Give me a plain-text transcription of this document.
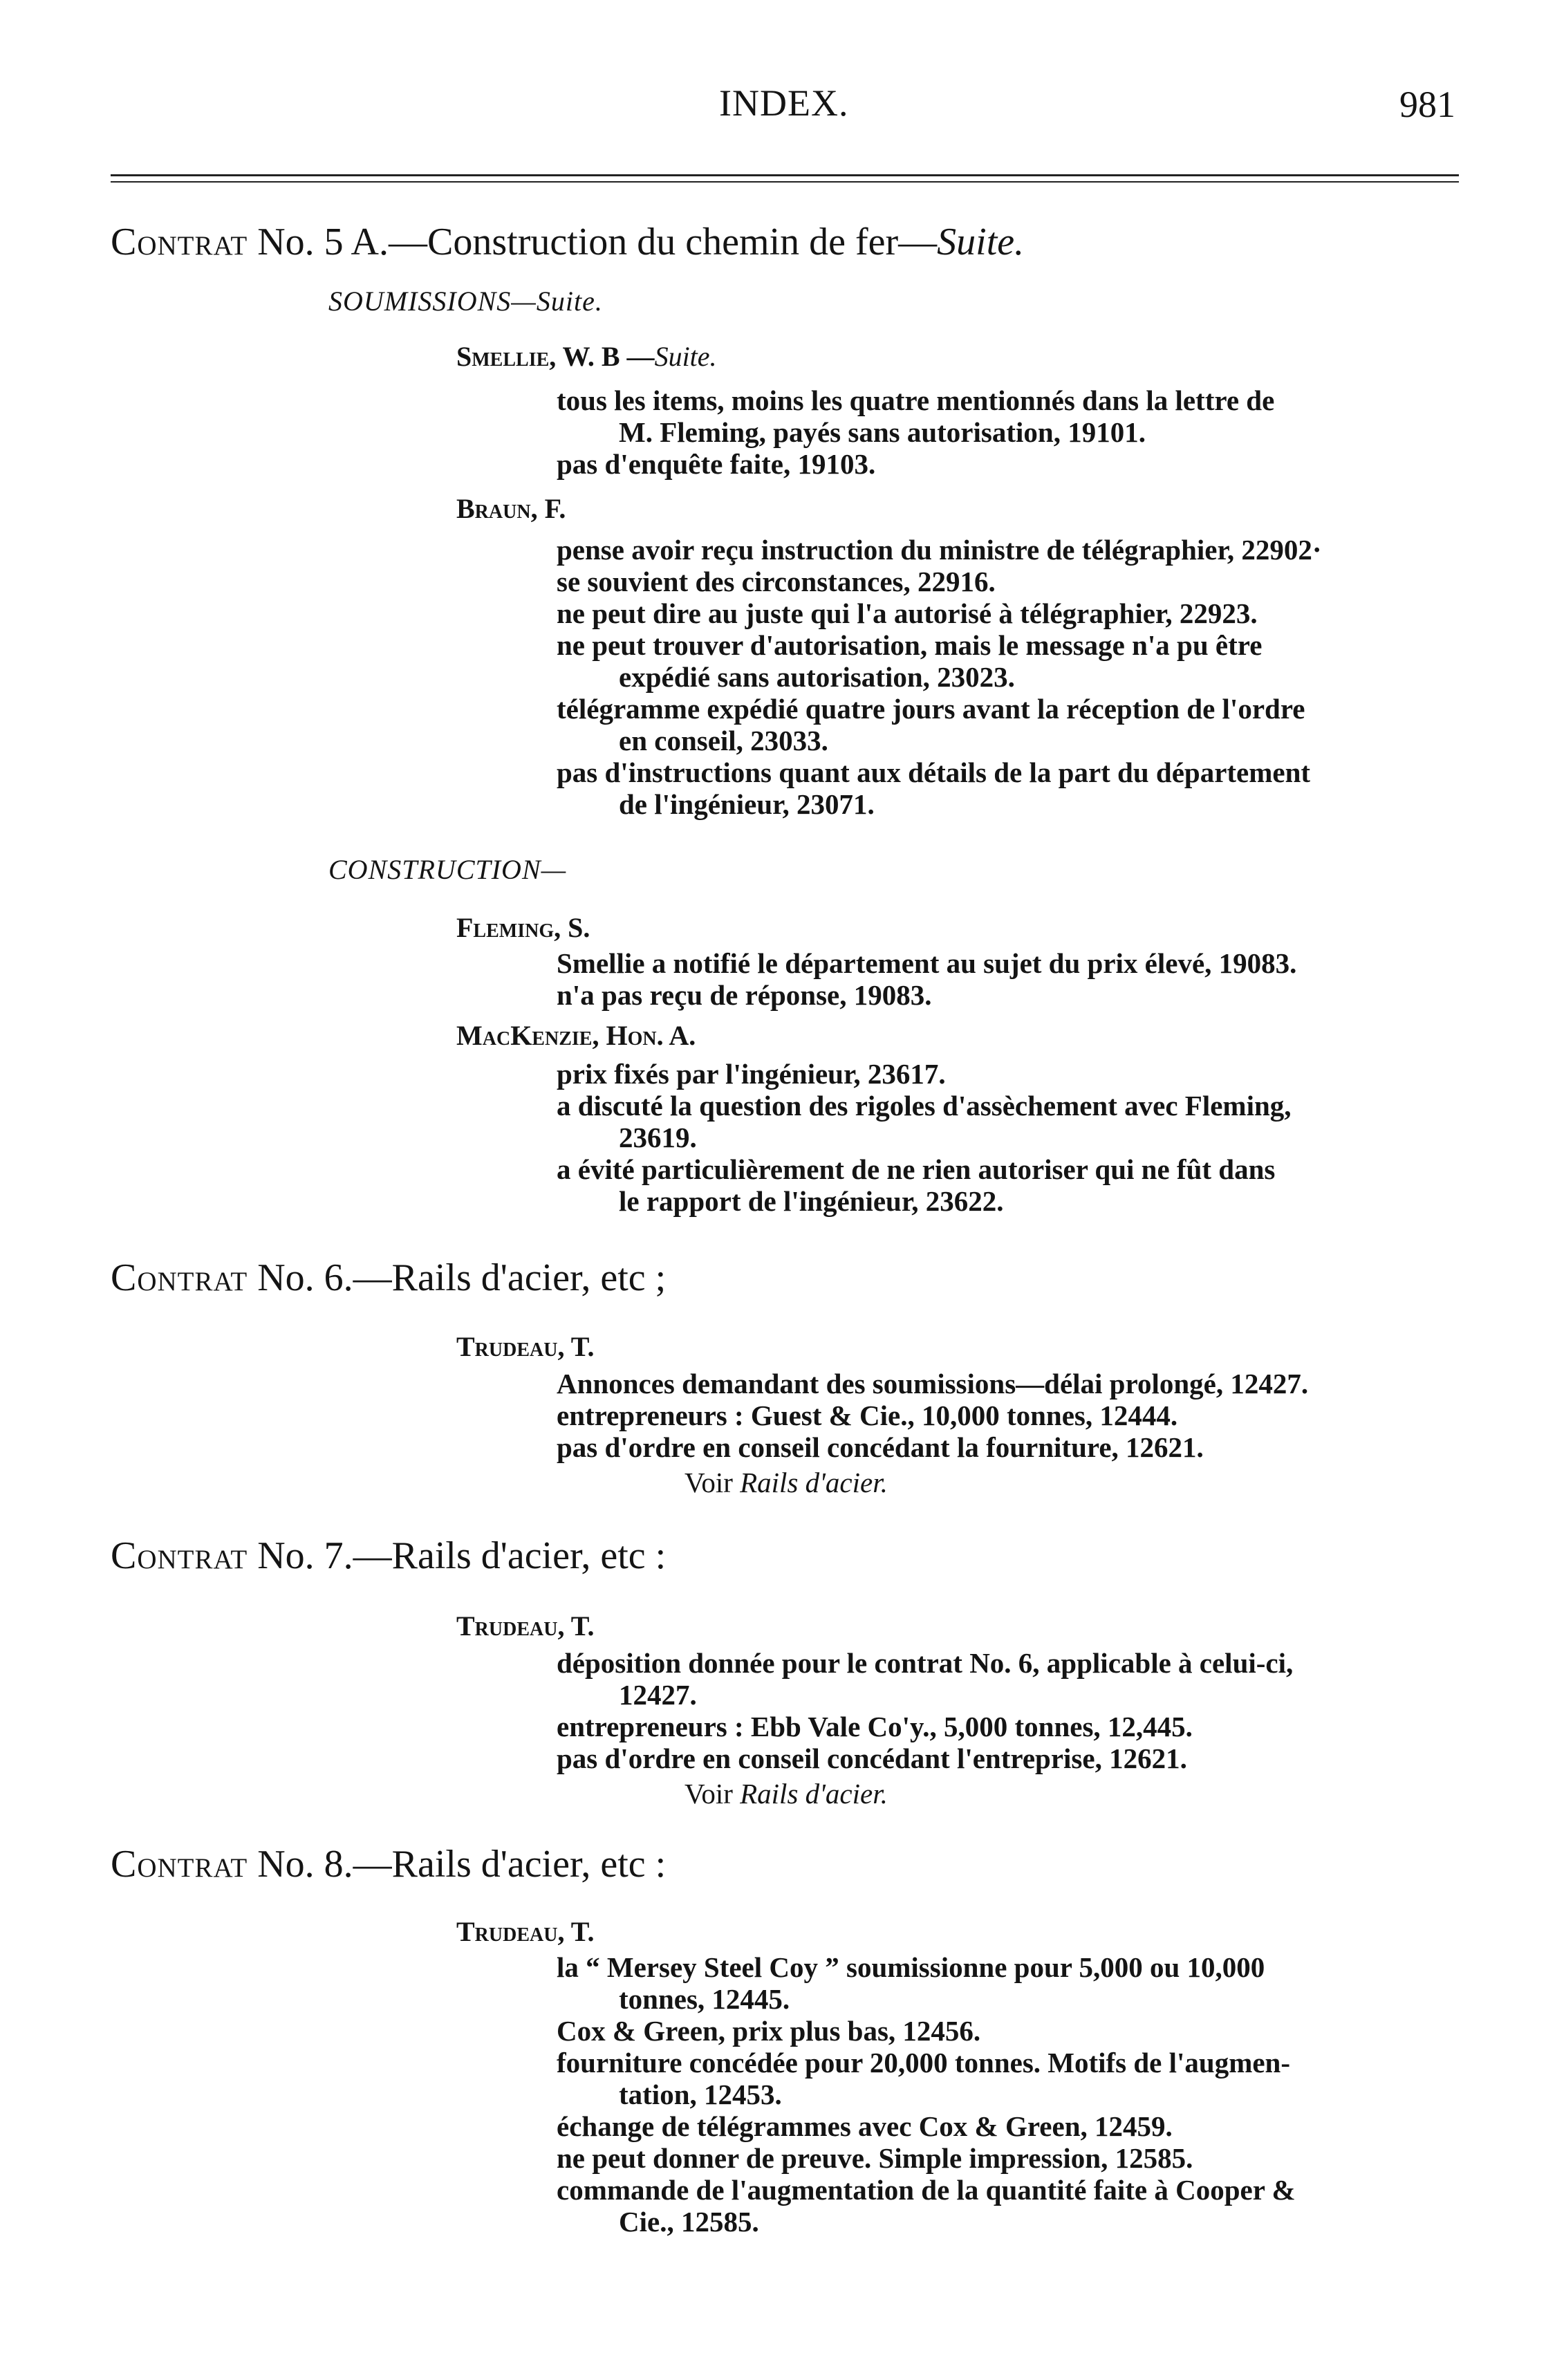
INDEX.	981
Contrat No. 5 A.—Construction du chemin de fer—Suite.
SOUMISSIONS—Suite.
Smellie, W. B —Suite.
tous les items, moins les quatre mentionnés dans la lettre de
M. Fleming, payés sans autorisation, 19101.
pas d'enquête faite, 19103.
Braun, F.
pense avoir reçu instruction du ministre de télégraphier, 22902·
se souvient des circonstances, 22916.
ne peut dire au juste qui l'a autorisé à télégraphier, 22923.
ne peut trouver d'autorisation, mais le message n'a pu être
expédié sans autorisation, 23023.
télégramme expédié quatre jours avant la réception de l'ordre
en conseil, 23033.
pas d'instructions quant aux détails de la part du département
de l'ingénieur, 23071.
CONSTRUCTION—
Fleming, S.
Smellie a notifié le département au sujet du prix élevé, 19083.
n'a pas reçu de réponse, 19083.
MacKenzie, Hon. A.
prix fixés par l'ingénieur, 23617.
a discuté la question des rigoles d'assèchement avec Fleming,
23619.
a évité particulièrement de ne rien autoriser qui ne fût dans
le rapport de l'ingénieur, 23622.
Contrat No. 6.—Rails d'acier, etc ;
Trudeau, T.
Annonces demandant des soumissions—délai prolongé, 12427.
entrepreneurs : Guest & Cie., 10,000 tonnes, 12444.
pas d'ordre en conseil concédant la fourniture, 12621.
Voir Rails d'acier.
Contrat No. 7.—Rails d'acier, etc :
Trudeau, T.
déposition donnée pour le contrat No. 6, applicable à celui-ci,
12427.
entrepreneurs : Ebb Vale Co'y., 5,000 tonnes, 12,445.
pas d'ordre en conseil concédant l'entreprise, 12621.
Voir Rails d'acier.
Contrat No. 8.—Rails d'acier, etc :
Trudeau, T.
la “ Mersey Steel Coy ” soumissionne pour 5,000 ou 10,000
tonnes, 12445.
Cox & Green, prix plus bas, 12456.
fourniture concédée pour 20,000 tonnes. Motifs de l'augmen-
tation, 12453.
échange de télégrammes avec Cox & Green, 12459.
ne peut donner de preuve. Simple impression, 12585.
commande de l'augmentation de la quantité faite à Cooper &
Cie., 12585.
